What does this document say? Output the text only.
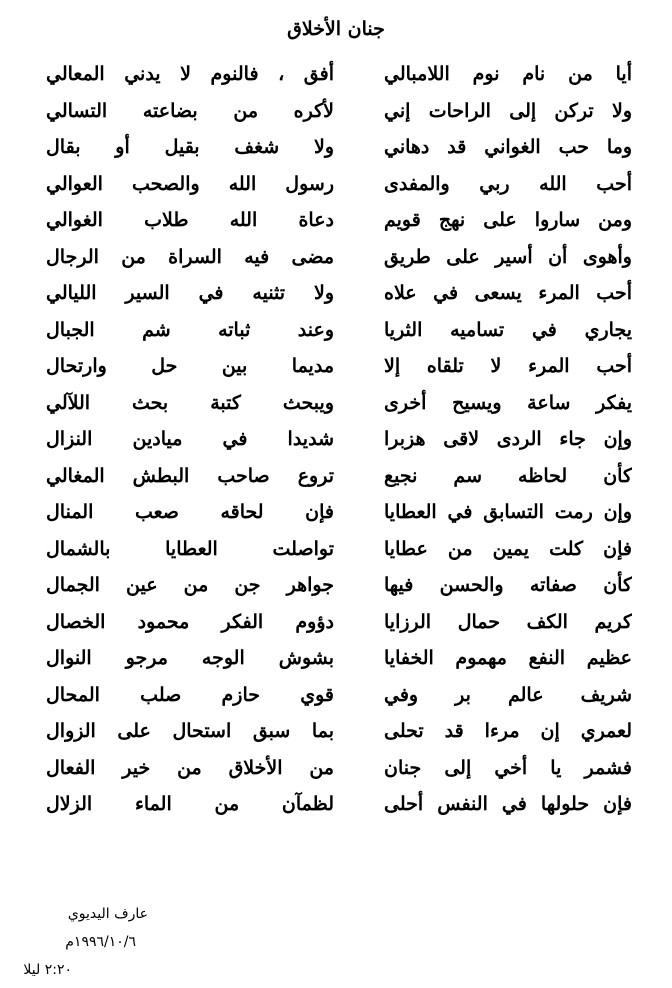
جنان الأخلاق
أيا من نام نوم اللامبالي
أفق ، فالنوم لا يدني المعالي
ولا تركن إلى الراحات إني
لأكره من بضاعته التسالي
وما حب الغواني قد دهاني
ولا شغف بقيل أو بقال
أحب الله ربي والمفدى
رسول الله والصحب العوالي
ومن ساروا على نهج قويم
دعاة الله طلاب الغوالي
وأهوى أن أسير على طريق
مضى فيه السراة من الرجال
أحب المرء يسعى في علاه
ولا تثنيه في السير الليالي
يجاري في تساميه الثريا
وعند ثباته شم الجبال
أحب المرء لا تلقاه إلا
مديما بين حل وارتحال
يفكر ساعة ويسيح أخرى
ويبحث كتبة بحث اللآلي
وإن جاء الردى لاقى هزبرا
شديدا في ميادين النزال
كأن لحاظه سم نجيع
تروع صاحب البطش المغالي
وإن رمت التسابق في العطايا
فإن لحاقه صعب المنال
فإن كلت يمين من عطايا
تواصلت العطايا بالشمال
كأن صفاته والحسن فيها
جواهر جن من عين الجمال
كريم الكف حمال الرزايا
دؤوم الفكر محمود الخصال
عظيم النفع مهموم الخفايا
بشوش الوجه مرجو النوال
شريف عالم بر وفي
قوي حازم صلب المحال
لعمري إن مرءا قد تحلى
بما سبق استحال على الزوال
فشمر يا أخي إلى جنان
من الأخلاق من خير الفعال
فإن حلولها في النفس أحلى
لظمآن من الماء الزلال
عارف اليديوي
١٩٩٦/١٠/٦م
٢:٢٠ ليلا
